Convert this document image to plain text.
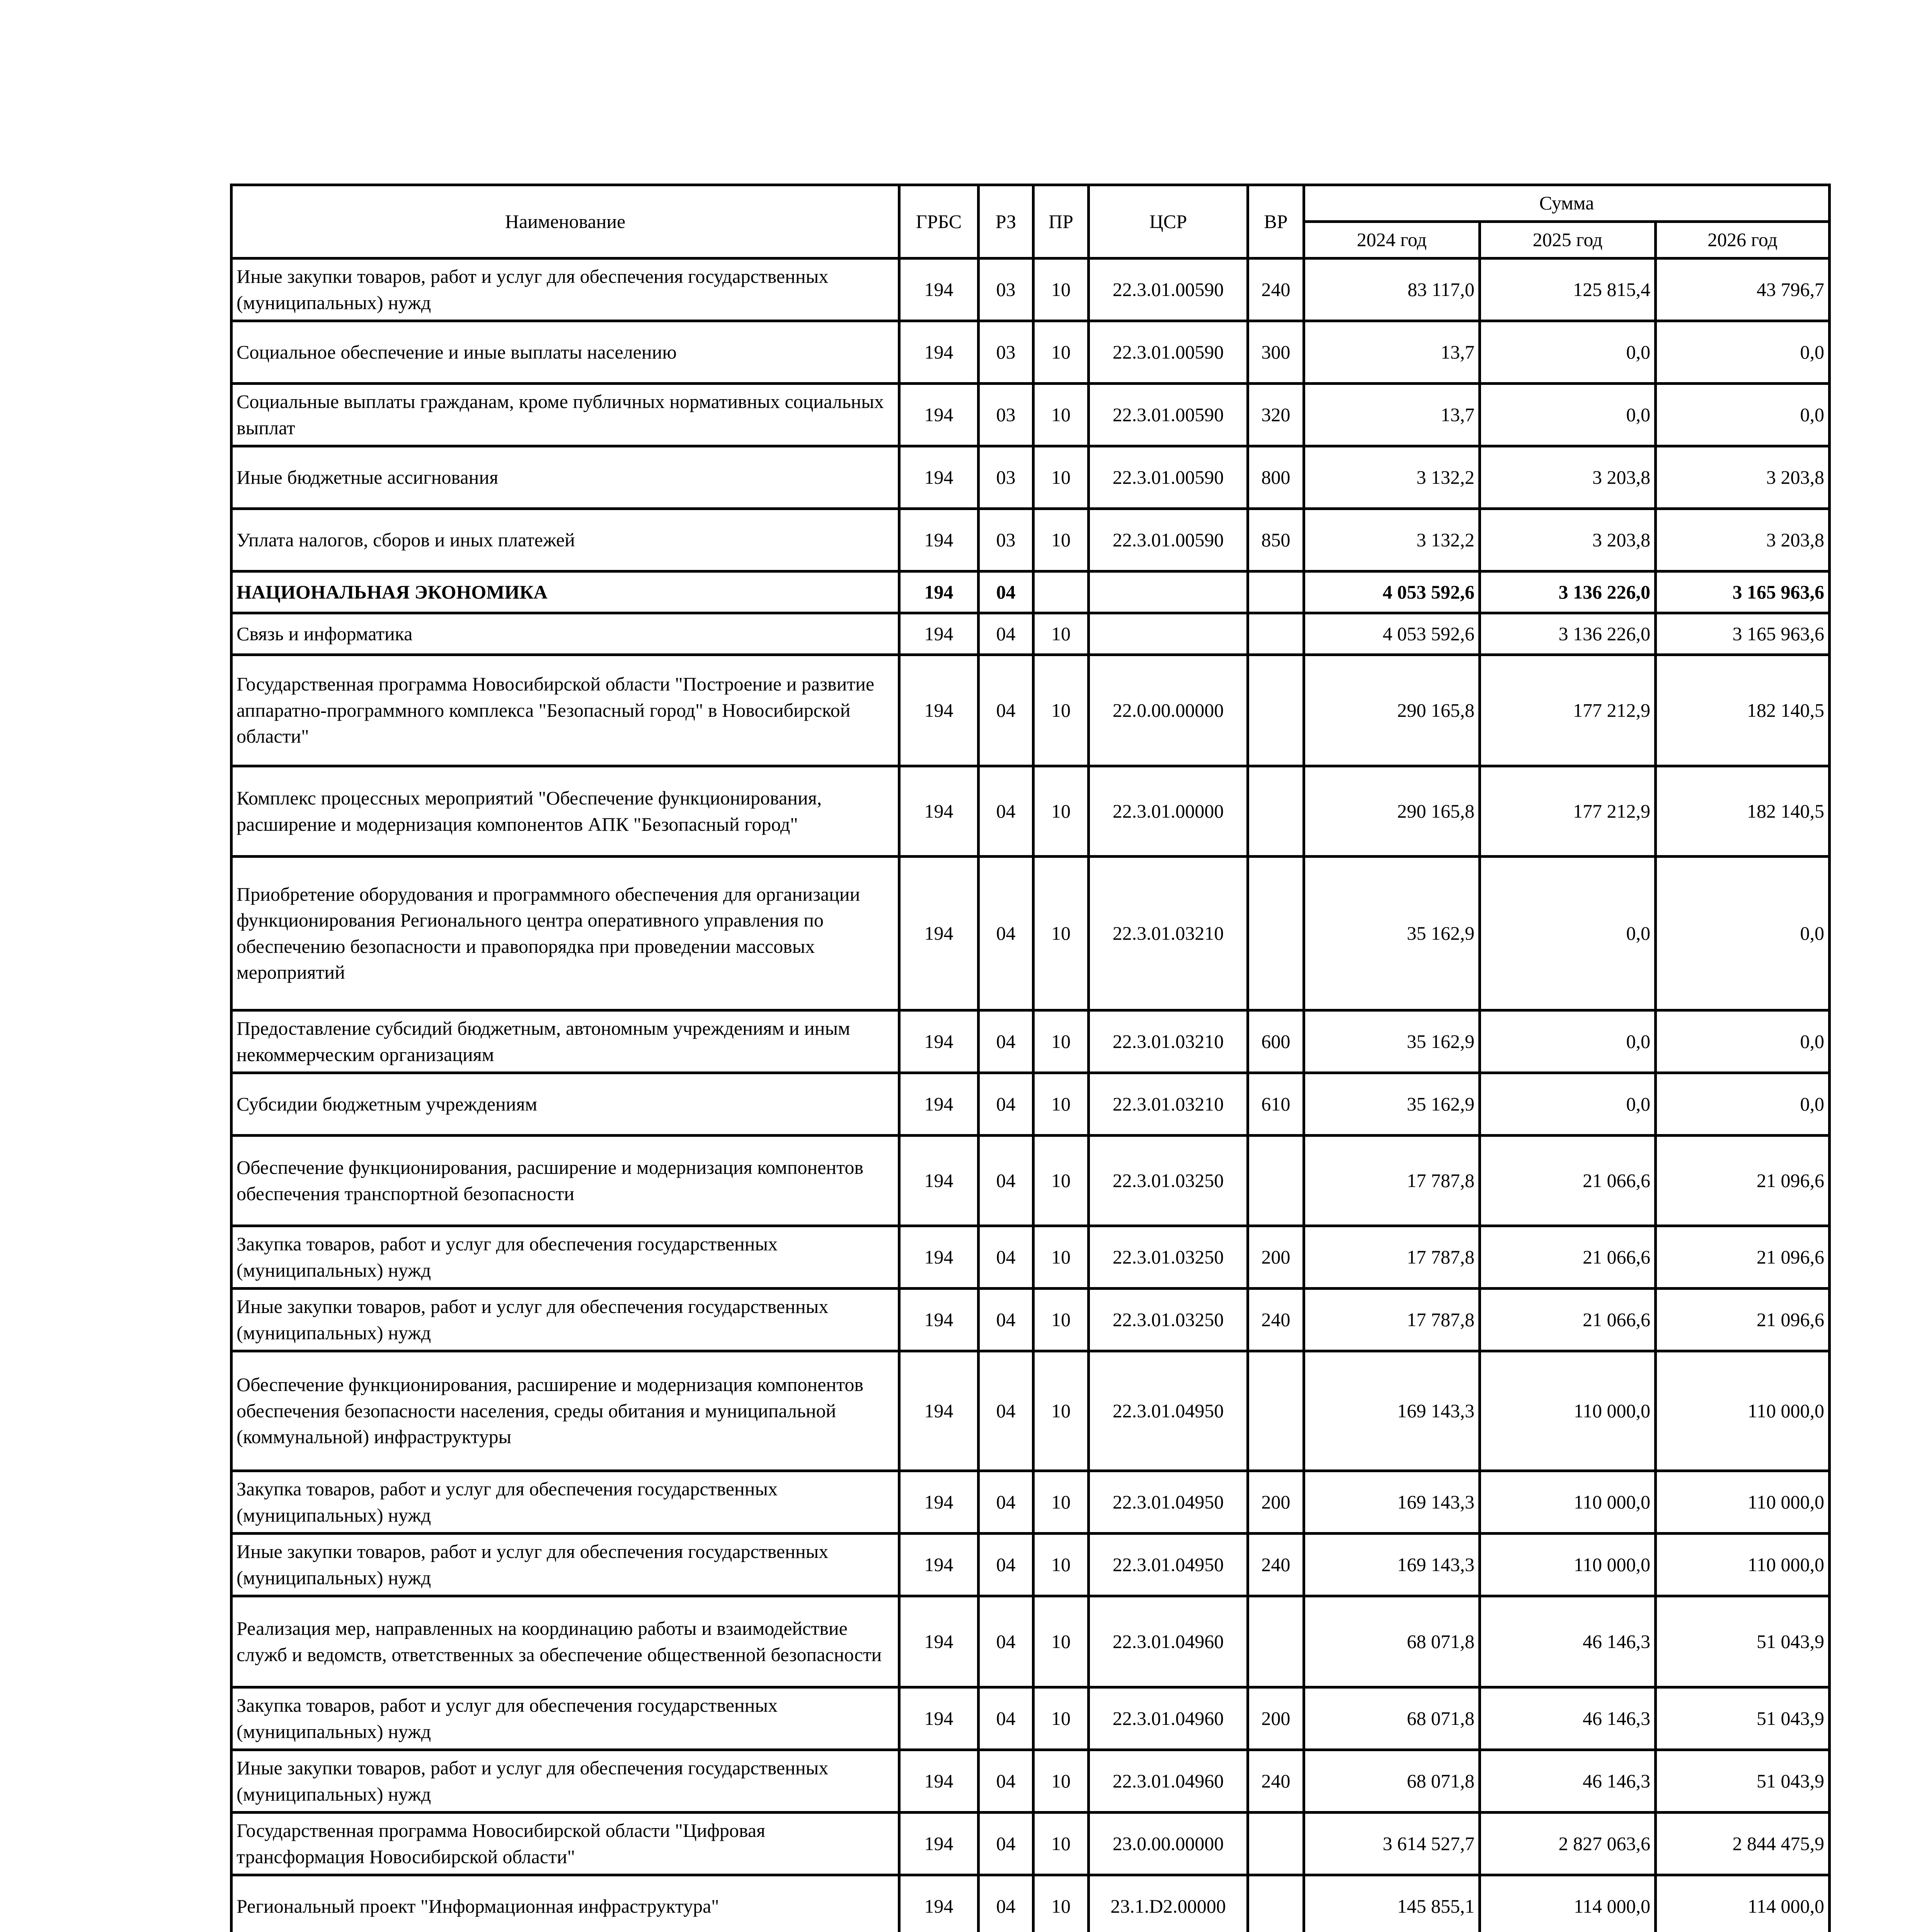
Наименование	ГРБС	РЗ	ПР	ЦСР	ВР	Сумма		
						2024 год	2025 год	2026 год
Иные закупки товаров, работ и услуг для обеспечения государственных (муниципальных) нужд	194	03	10	22.3.01.00590	240	83 117,0	125 815,4	43 796,7
Социальное обеспечение и иные выплаты населению	194	03	10	22.3.01.00590	300	13,7	0,0	0,0
Социальные выплаты гражданам, кроме публичных нормативных социальных выплат	194	03	10	22.3.01.00590	320	13,7	0,0	0,0
Иные бюджетные ассигнования	194	03	10	22.3.01.00590	800	3 132,2	3 203,8	3 203,8
Уплата налогов, сборов и иных платежей	194	03	10	22.3.01.00590	850	3 132,2	3 203,8	3 203,8
НАЦИОНАЛЬНАЯ ЭКОНОМИКА	194	04				4 053 592,6	3 136 226,0	3 165 963,6
Связь и информатика	194	04	10			4 053 592,6	3 136 226,0	3 165 963,6
Государственная программа Новосибирской области "Построение и развитие аппаратно-программного комплекса "Безопасный город" в Новосибирской области"	194	04	10	22.0.00.00000		290 165,8	177 212,9	182 140,5
Комплекс процессных мероприятий "Обеспечение функционирования, расширение и модернизация компонентов АПК "Безопасный город"	194	04	10	22.3.01.00000		290 165,8	177 212,9	182 140,5
Приобретение оборудования и программного обеспечения для организации функционирования Регионального центра оперативного управления по обеспечению безопасности и правопорядка при проведении массовых мероприятий	194	04	10	22.3.01.03210		35 162,9	0,0	0,0
Предоставление субсидий бюджетным, автономным учреждениям и иным некоммерческим организациям	194	04	10	22.3.01.03210	600	35 162,9	0,0	0,0
Субсидии бюджетным учреждениям	194	04	10	22.3.01.03210	610	35 162,9	0,0	0,0
Обеспечение функционирования, расширение и модернизация компонентов обеспечения транспортной безопасности	194	04	10	22.3.01.03250		17 787,8	21 066,6	21 096,6
Закупка товаров, работ и услуг для обеспечения государственных (муниципальных) нужд	194	04	10	22.3.01.03250	200	17 787,8	21 066,6	21 096,6
Иные закупки товаров, работ и услуг для обеспечения государственных (муниципальных) нужд	194	04	10	22.3.01.03250	240	17 787,8	21 066,6	21 096,6
Обеспечение функционирования, расширение и модернизация компонентов обеспечения безопасности населения, среды обитания и муниципальной (коммунальной) инфраструктуры	194	04	10	22.3.01.04950		169 143,3	110 000,0	110 000,0
Закупка товаров, работ и услуг для обеспечения государственных (муниципальных) нужд	194	04	10	22.3.01.04950	200	169 143,3	110 000,0	110 000,0
Иные закупки товаров, работ и услуг для обеспечения государственных (муниципальных) нужд	194	04	10	22.3.01.04950	240	169 143,3	110 000,0	110 000,0
Реализация мер, направленных на координацию работы и взаимодействие служб и ведомств, ответственных за обеспечение общественной безопасности	194	04	10	22.3.01.04960		68 071,8	46 146,3	51 043,9
Закупка товаров, работ и услуг для обеспечения государственных (муниципальных) нужд	194	04	10	22.3.01.04960	200	68 071,8	46 146,3	51 043,9
Иные закупки товаров, работ и услуг для обеспечения государственных (муниципальных) нужд	194	04	10	22.3.01.04960	240	68 071,8	46 146,3	51 043,9
Государственная программа Новосибирской области "Цифровая трансформация Новосибирской области"	194	04	10	23.0.00.00000		3 614 527,7	2 827 063,6	2 844 475,9
Региональный проект "Информационная инфраструктура"	194	04	10	23.1.D2.00000		145 855,1	114 000,0	114 000,0
